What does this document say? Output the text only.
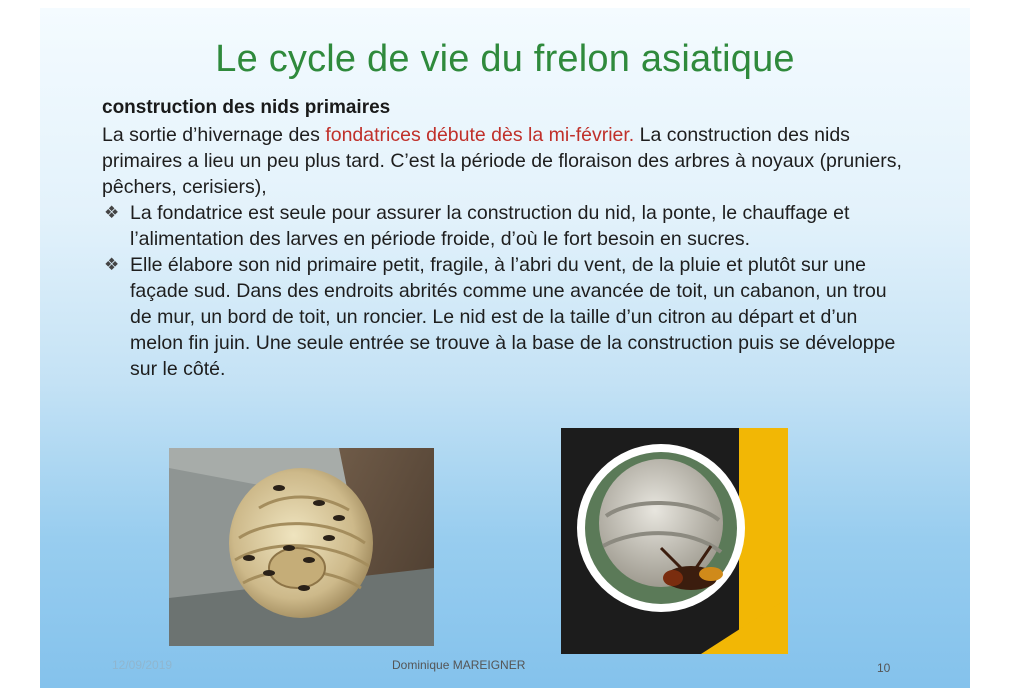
Le cycle de vie du frelon asiatique
construction des nids primaires

La sortie d’hivernage des fondatrices débute dès la mi-février. La construction des nids primaires a lieu un peu plus tard. C’est la période de floraison des arbres à noyaux (pruniers, pêchers, cerisiers),

❖ La fondatrice est seule pour assurer la construction du nid, la ponte, le chauffage et l’alimentation des larves en période froide, d’où le fort besoin en sucres.
❖ Elle élabore son nid primaire petit, fragile, à l’abri du vent, de la pluie et plutôt sur une façade sud. Dans des endroits abrités comme une avancée de toit, un cabanon, un trou de mur, un bord de toit, un roncier. Le nid est de la taille d’un citron au départ et d’un melon fin juin. Une seule entrée se trouve à la base de la construction puis se développe sur le côté.
12/09/2019	Dominique MAREIGNER	10
